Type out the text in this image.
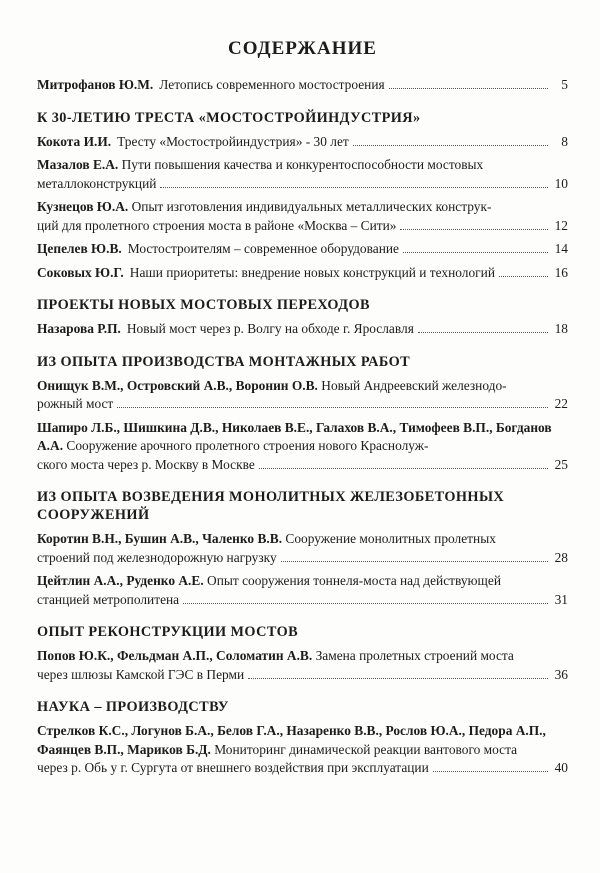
СОДЕРЖАНИЕ
Митрофанов Ю.М. Летопись современного мостостроения	5
К 30-ЛЕТИЮ ТРЕСТА «МОСТОСТРОЙИНДУСТРИЯ»
Кокота И.И. Тресту «Мостостройиндустрия» - 30 лет	8
Мазалов Е.А. Пути повышения качества и конкурентоспособности мостовых
металлоконструкций	10
Кузнецов Ю.А. Опыт изготовления индивидуальных металлических конструк-
ций для пролетного строения моста в районе «Москва – Сити»	12
Цепелев Ю.В. Мостостроителям – современное оборудование	14
Соковых Ю.Г. Наши приоритеты: внедрение новых конструкций и технологий	16
ПРОЕКТЫ НОВЫХ МОСТОВЫХ ПЕРЕХОДОВ
Назарова Р.П. Новый мост через р. Волгу на обходе г. Ярославля	18
ИЗ ОПЫТА ПРОИЗВОДСТВА МОНТАЖНЫХ РАБОТ
Онищук В.М., Островский А.В., Воронин О.В. Новый Андреевский железнодо-
рожный мост	22
Шапиро Л.Б., Шишкина Д.В., Николаев В.Е., Галахов В.А., Тимофеев В.П., Богданов А.А. Сооружение арочного пролетного строения нового Краснолуж-
ского моста через р. Москву в Москве	25
ИЗ ОПЫТА ВОЗВЕДЕНИЯ МОНОЛИТНЫХ ЖЕЛЕЗОБЕТОННЫХ СООРУЖЕНИЙ
Коротин В.Н., Бушин А.В., Чаленко В.В. Сооружение монолитных пролетных
строений под железнодорожную нагрузку	28
Цейтлин А.А., Руденко А.Е. Опыт сооружения тоннеля-моста над действующей
станцией метрополитена	31
ОПЫТ РЕКОНСТРУКЦИИ МОСТОВ
Попов Ю.К., Фельдман А.П., Соломатин А.В. Замена пролетных строений моста
через шлюзы Камской ГЭС в Перми	36
НАУКА – ПРОИЗВОДСТВУ
Стрелков К.С., Логунов Б.А., Белов Г.А., Назаренко В.В., Рослов Ю.А., Педора А.П., Фаянцев В.П., Мариков Б.Д. Мониторинг динамической реакции вантового моста
через р. Обь у г. Сургута от внешнего воздействия при эксплуатации	40
